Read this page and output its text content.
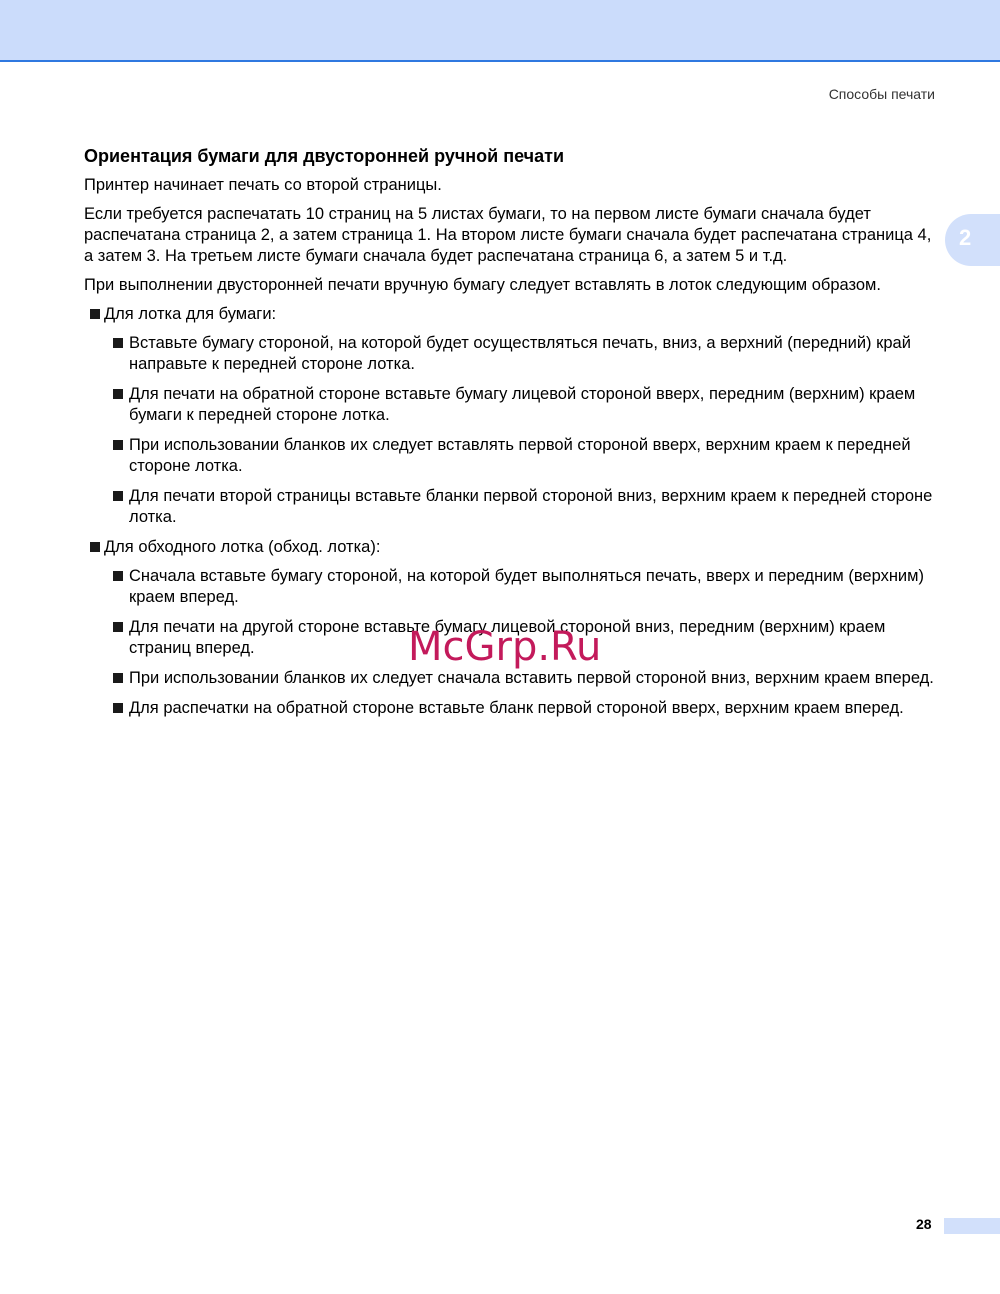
Способы печати
2
Ориентация бумаги для двусторонней ручной печати

Принтер начинает печать со второй страницы.

Если требуется распечатать 10 страниц на 5 листах бумаги, то на первом листе бумаги сначала будет распечатана страница 2, а затем страница 1. На втором листе бумаги сначала будет распечатана страница 4, а затем 3. На третьем листе бумаги сначала будет распечатана страница 6, а затем 5 и т.д.

При выполнении двусторонней печати вручную бумагу следует вставлять в лоток следующим образом.

Для лотка для бумаги:
Вставьте бумагу стороной, на которой будет осуществляться печать, вниз, а верхний (передний) край направьте к передней стороне лотка.
Для печати на обратной стороне вставьте бумагу лицевой стороной вверх, передним (верхним) краем бумаги к передней стороне лотка.
При использовании бланков их следует вставлять первой стороной вверх, верхним краем к передней стороне лотка.
Для печати второй страницы вставьте бланки первой стороной вниз, верхним краем к передней стороне лотка.
Для обходного лотка (обход. лотка):
Сначала вставьте бумагу стороной, на которой будет выполняться печать, вверх и передним (верхним) краем вперед.
Для печати на другой стороне вставьте бумагу лицевой стороной вниз, передним (верхним) краем страниц вперед.
При использовании бланков их следует сначала вставить первой стороной вниз, верхним краем вперед.
Для распечатки на обратной стороне вставьте бланк первой стороной вверх, верхним краем вперед.
McGrp.Ru
28
